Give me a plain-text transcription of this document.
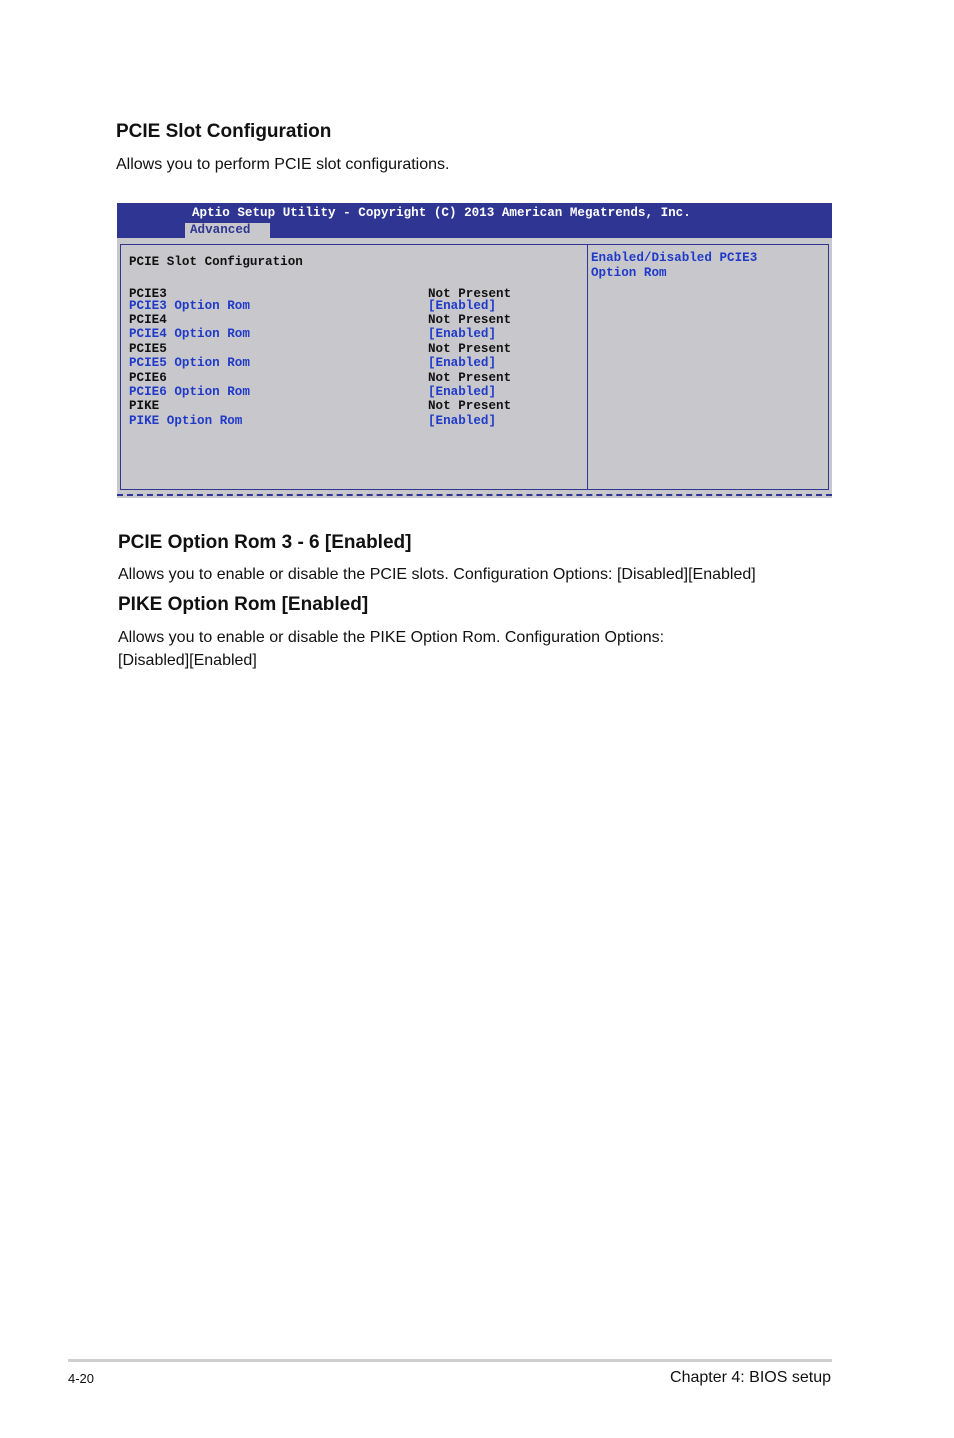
PCIE Slot Configuration

Allows you to perform PCIE slot configurations.

Aptio Setup Utility - Copyright (C) 2013 American Megatrends, Inc.
Advanced
PCIE Slot Configuration
PCIE3	Not Present
PCIE3 Option Rom	[Enabled]
PCIE4	Not Present
PCIE4 Option Rom	[Enabled]
PCIE5	Not Present
PCIE5 Option Rom	[Enabled]
PCIE6	Not Present
PCIE6 Option Rom	[Enabled]
PIKE	Not Present
PIKE Option Rom	[Enabled]
Enabled/Disabled PCIE3
Option Rom
PCIE Option Rom 3 - 6 [Enabled]

Allows you to enable or disable the PCIE slots. Configuration Options: [Disabled][Enabled]

PIKE Option Rom [Enabled]

Allows you to enable or disable the PIKE Option Rom. Configuration Options:

[Disabled][Enabled]

4-20	Chapter 4: BIOS setup
